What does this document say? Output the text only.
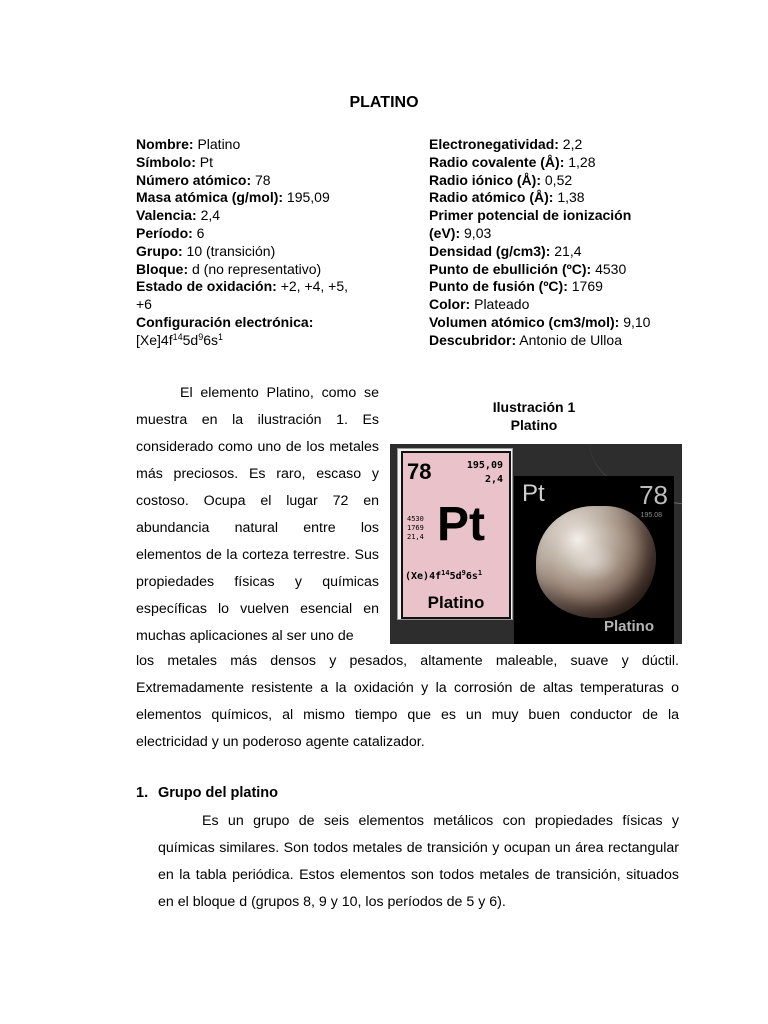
PLATINO
Nombre: Platino
Símbolo: Pt
Número atómico: 78
Masa atómica (g/mol): 195,09
Valencia: 2,4
Período: 6
Grupo: 10 (transición)
Bloque: d (no representativo)
Estado de oxidación: +2, +4, +5,
+6
Configuración electrónica:
$[Xe]4f^{14}5d^96s^1$
Electronegatividad: 2,2
Radio covalente (Å): 1,28
Radio iónico (Å): 0,52
Radio atómico (Å): 1,38
Primer potencial de ionización
(eV): 9,03
Densidad (g/cm3): 21,4
Punto de ebullición (ºC): 4530
Punto de fusión (ºC): 1769
Color: Plateado
Volumen atómico (cm3/mol): 9,10
Descubridor: Antonio de Ulloa
El elemento Platino, como se muestra en la ilustración 1. Es considerado como uno de los metales más preciosos. Es raro, escaso y costoso. Ocupa el lugar 72 en abundancia natural entre los elementos de la corteza terrestre. Sus propiedades físicas y químicas específicas lo vuelven esencial en muchas aplicaciones al ser uno de
Ilustración 1
Platino
78	195,09
2,4
4530
1769
21,4 Pt
$(Xe)4f^{14}5d^96s^1$
Platino
Pt	78
195.08
Platino
los metales más densos y pesados, altamente maleable, suave y dúctil. Extremadamente resistente a la oxidación y la corrosión de altas temperaturas o elementos químicos, al mismo tiempo que es un muy buen conductor de la electricidad y un poderoso agente catalizador.
1. Grupo del platino
Es un grupo de seis elementos metálicos con propiedades físicas y químicas similares. Son todos metales de transición y ocupan un área rectangular en la tabla periódica. Estos elementos son todos metales de transición, situados en el bloque d (grupos 8, 9 y 10, los períodos de 5 y 6).
